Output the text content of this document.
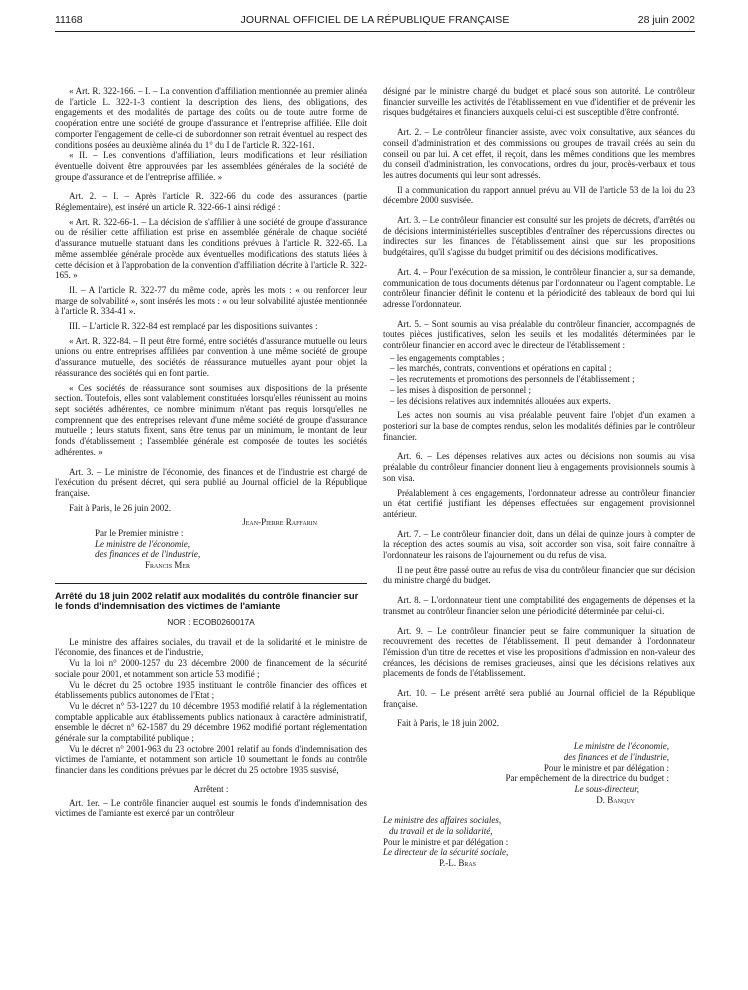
11168	JOURNAL OFFICIEL DE LA RÉPUBLIQUE FRANÇAISE	28 juin 2002

« Art. R. 322-166. – I. – La convention d'affiliation mentionnée au premier alinéa de l'article L. 322-1-3 contient la description des liens, des obligations, des engagements et des modalités de partage des coûts ou de toute autre forme de coopération entre une société de groupe d'assurance et l'entreprise affiliée. Elle doit comporter l'engagement de celle-ci de subordonner son retrait éventuel au respect des conditions posées au deuxième alinéa du 1° du I de l'article R. 322-161.

« II. – Les conventions d'affiliation, leurs modifications et leur résiliation éventuelle doivent être approuvées par les assemblées générales de la société de groupe d'assurance et de l'entreprise affiliée. »

Art. 2. – I. – Après l'article R. 322-66 du code des assurances (partie Réglementaire), est inséré un article R. 322-66-1 ainsi rédigé :

« Art. R. 322-66-1. – La décision de s'affilier à une société de groupe d'assurance ou de résilier cette affiliation est prise en assemblée générale de chaque société d'assurance mutuelle statuant dans les conditions prévues à l'article R. 322-65. La même assemblée générale procède aux éventuelles modifications des statuts liées à cette décision et à l'approbation de la convention d'affiliation décrite à l'article R. 322-165. »

II. – A l'article R. 322-77 du même code, après les mots : « ou renforcer leur marge de solvabilité », sont insérés les mots : « ou leur solvabilité ajustée mentionnée à l'article R. 334-41 ».

III. – L'article R. 322-84 est remplacé par les dispositions suivantes :

« Art. R. 322-84. – Il peut être formé, entre sociétés d'assurance mutuelle ou leurs unions ou entre entreprises affiliées par convention à une même société de groupe d'assurance mutuelle, des sociétés de réassurance mutuelles ayant pour objet la réassurance des sociétés qui en font partie.

« Ces sociétés de réassurance sont soumises aux dispositions de la présente section. Toutefois, elles sont valablement constituées lorsqu'elles réunissent au moins sept sociétés adhérentes, ce nombre minimum n'étant pas requis lorsqu'elles ne comprennent que des entreprises relevant d'une même société de groupe d'assurance mutuelle ; leurs statuts fixent, sans être tenus par un minimum, le montant de leur fonds d'établissement ; l'assemblée générale est composée de toutes les sociétés adhérentes. »

Art. 3. – Le ministre de l'économie, des finances et de l'industrie est chargé de l'exécution du présent décret, qui sera publié au Journal officiel de la République française.

Fait à Paris, le 26 juin 2002.

Jean-Pierre Raffarin

Par le Premier ministre :

Le ministre de l'économie,

des finances et de l'industrie,

Francis Mer

Arrêté du 18 juin 2002 relatif aux modalités du contrôle financier sur le fonds d'indemnisation des victimes de l'amiante

NOR : ECOB0260017A

Le ministre des affaires sociales, du travail et de la solidarité et le ministre de l'économie, des finances et de l'industrie,

Vu la loi n° 2000-1257 du 23 décembre 2000 de financement de la sécurité sociale pour 2001, et notamment son article 53 modifié ;

Vu le décret du 25 octobre 1935 instituant le contrôle financier des offices et établissements publics autonomes de l'Etat ;

Vu le décret n° 53-1227 du 10 décembre 1953 modifié relatif à la réglementation comptable applicable aux établissements publics nationaux à caractère administratif, ensemble le décret n° 62-1587 du 29 décembre 1962 modifié portant réglementation générale sur la comptabilité publique ;

Vu le décret n° 2001-963 du 23 octobre 2001 relatif au fonds d'indemnisation des victimes de l'amiante, et notamment son article 10 soumettant le fonds au contrôle financier dans les conditions prévues par le décret du 25 octobre 1935 susvisé,

Arrêtent :

Art. 1er. – Le contrôle financier auquel est soumis le fonds d'indemnisation des victimes de l'amiante est exercé par un contrôleur

désigné par le ministre chargé du budget et placé sous son autorité. Le contrôleur financier surveille les activités de l'établissement en vue d'identifier et de prévenir les risques budgétaires et financiers auxquels celui-ci est susceptible d'être confronté.

Art. 2. – Le contrôleur financier assiste, avec voix consultative, aux séances du conseil d'administration et des commissions ou groupes de travail créés au sein du conseil ou par lui. A cet effet, il reçoit, dans les mêmes conditions que les membres du conseil d'administration, les convocations, ordres du jour, procès-verbaux et tous les autres documents qui leur sont adressés.

Il a communication du rapport annuel prévu au VII de l'article 53 de la loi du 23 décembre 2000 susvisée.

Art. 3. – Le contrôleur financier est consulté sur les projets de décrets, d'arrêtés ou de décisions interministérielles susceptibles d'entraîner des répercussions directes ou indirectes sur les finances de l'établissement ainsi que sur les propositions budgétaires, qu'il s'agisse du budget primitif ou des décisions modificatives.

Art. 4. – Pour l'exécution de sa mission, le contrôleur financier a, sur sa demande, communication de tous documents détenus par l'ordonnateur ou l'agent comptable. Le contrôleur financier définit le contenu et la périodicité des tableaux de bord qui lui adresse l'ordonnateur.

Art. 5. – Sont soumis au visa préalable du contrôleur financier, accompagnés de toutes pièces justificatives, selon les seuils et les modalités déterminées par le contrôleur financier en accord avec le directeur de l'établissement :

– les engagements comptables ;
– les marchés, contrats, conventions et opérations en capital ;
– les recrutements et promotions des personnels de l'établissement ;
– les mises à disposition de personnel ;
– les décisions relatives aux indemnités allouées aux experts.

Les actes non soumis au visa préalable peuvent faire l'objet d'un examen a posteriori sur la base de comptes rendus, selon les modalités définies par le contrôleur financier.

Art. 6. – Les dépenses relatives aux actes ou décisions non soumis au visa préalable du contrôleur financier donnent lieu à engagements provisionnels soumis à son visa.

Préalablement à ces engagements, l'ordonnateur adresse au contrôleur financier un état certifié justifiant les dépenses effectuées sur engagement provisionnel antérieur.

Art. 7. – Le contrôleur financier doit, dans un délai de quinze jours à compter de la réception des actes soumis au visa, soit accorder son visa, soit faire connaître à l'ordonnateur les raisons de l'ajournement ou du refus de visa.

Il ne peut être passé outre au refus de visa du contrôleur financier que sur décision du ministre chargé du budget.

Art. 8. – L'ordonnateur tient une comptabilité des engagements de dépenses et la transmet au contrôleur financier selon une périodicité déterminée par celui-ci.

Art. 9. – Le contrôleur financier peut se faire communiquer la situation de recouvrement des recettes de l'établissement. Il peut demander à l'ordonnateur l'émission d'un titre de recettes et vise les propositions d'admission en non-valeur des créances, les décisions de remises gracieuses, ainsi que les décisions relatives aux placements de fonds de l'établissement.

Art. 10. – Le présent arrêté sera publié au Journal officiel de la République française.

Fait à Paris, le 18 juin 2002.

Le ministre de l'économie,

des finances et de l'industrie,

Pour le ministre et par délégation :

Par empêchement de la directrice du budget :

Le sous-directeur,

D. Banquy

Le ministre des affaires sociales,

du travail et de la solidarité,

Pour le ministre et par délégation :

Le directeur de la sécurité sociale,

P.-L. Bras
